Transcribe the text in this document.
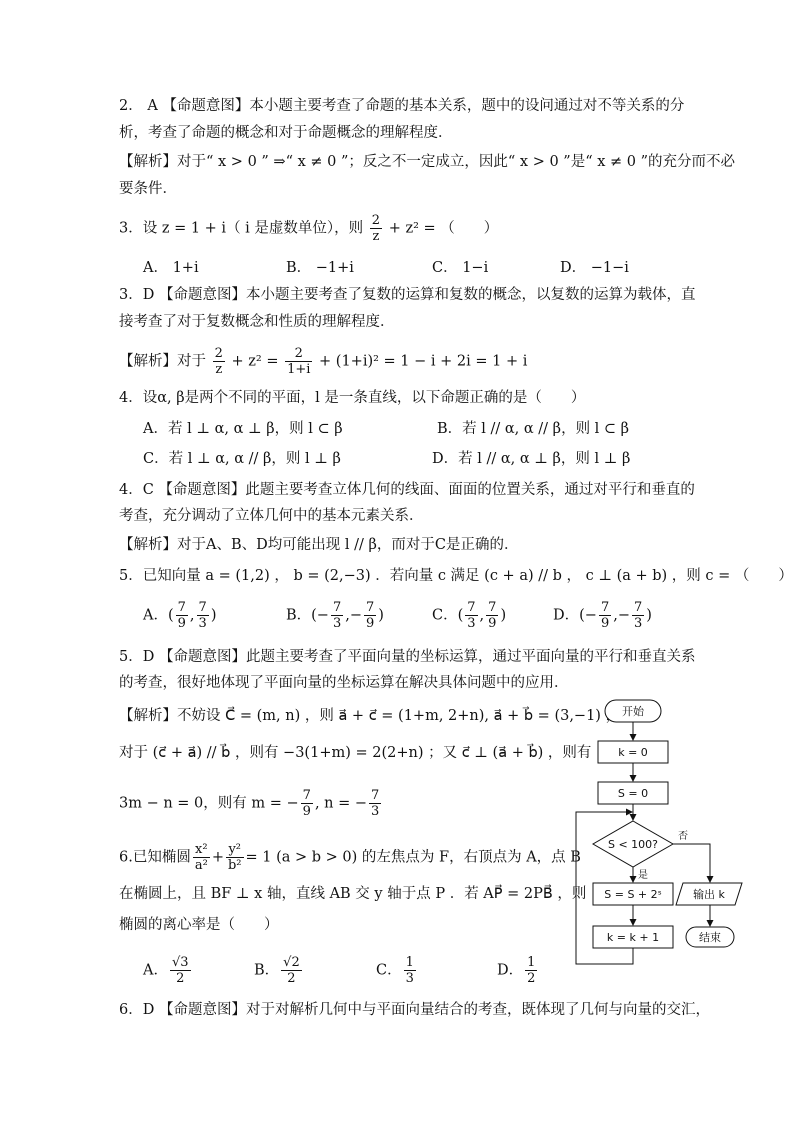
2． A 【命题意图】本小题主要考查了命题的基本关系，题中的设问通过对不等关系的分
析，考查了命题的概念和对于命题概念的理解程度．
【解析】对于“ x > 0 ” ⇒“ x ≠ 0 ”；反之不一定成立，因此“ x > 0 ”是“ x ≠ 0 ”的充分而不必
要条件．
3．设 z = 1 + i（ i 是虚数单位），则 $\frac{2}{z} + z^2$ = （　　）
A． 1+i	B． −1+i	C． 1−i	D． −1−i
3．D 【命题意图】本小题主要考查了复数的运算和复数的概念，以复数的运算为载体，直
接考查了对于复数概念和性质的理解程度．
【解析】对于 $\frac{2}{z} + z^2 = \frac{2}{1+i} + (1+i)^2 = 1 - i + 2i = 1 + i$
4．设α, β是两个不同的平面，l 是一条直线，以下命题正确的是（　　）
A．若 l ⊥ α, α ⊥ β，则 l ⊂ β	B．若 l // α, α // β，则 l ⊂ β
C．若 l ⊥ α, α // β，则 l ⊥ β	D．若 l // α, α ⊥ β，则 l ⊥ β
4．C 【命题意图】此题主要考查立体几何的线面、面面的位置关系，通过对平行和垂直的
考查，充分调动了立体几何中的基本元素关系．
【解析】对于A、B、D均可能出现 l // β，而对于C是正确的．
5．已知向量 a = (1,2) ， b = (2,−3) ．若向量 c 满足 (c + a) // b ， c ⊥ (a + b) ，则 c = （　　）
A．( $\frac{7}{9}$ , $\frac{7}{3}$ )	B．(− $\frac{7}{3}$ ,− $\frac{7}{9}$ )	C．( $\frac{7}{3}$ , $\frac{7}{9}$ )	D．(− $\frac{7}{9}$ ,− $\frac{7}{3}$ )
5．D 【命题意图】此题主要考查了平面向量的坐标运算，通过平面向量的平行和垂直关系
的考查，很好地体现了平面向量的坐标运算在解决具体问题中的应用．
【解析】不妨设 C⃗ = (m, n) ，则 a⃗ + c⃗ = (1+m, 2+n), a⃗ + b⃗ = (3,−1) ，
对于 (c⃗ + a⃗) // b⃗ ，则有 −3(1+m) = 2(2+n) ；又 c⃗ ⊥ (a⃗ + b⃗) ，则有
3m − n = 0，则有 m = − $\frac{7}{9}$ , n = − $\frac{7}{3}$
6.已知椭圆 $\frac{\text{x²}}{\text{a²}} + \frac{\text{y²}}{\text{b²}} = 1$ (a > b > 0) 的左焦点为 F，右顶点为 A，点 B
在椭圆上，且 BF ⊥ x 轴，直线 AB 交 y 轴于点 P ．若 AP⃗ = 2PB⃗ ，则
椭圆的离心率是（　　）
A． $\frac{√3}{2}$	B． $\frac{√2}{2}$	C． $\frac{1}{3}$	D． $\frac{1}{2}$
6．D 【命题意图】对于对解析几何中与平面向量结合的考查，既体现了几何与向量的交汇，
开始
k = 0
S = 0
S < 100?
否
是
S = S + 2ˢ	输出 k
k = k + 1	结束
